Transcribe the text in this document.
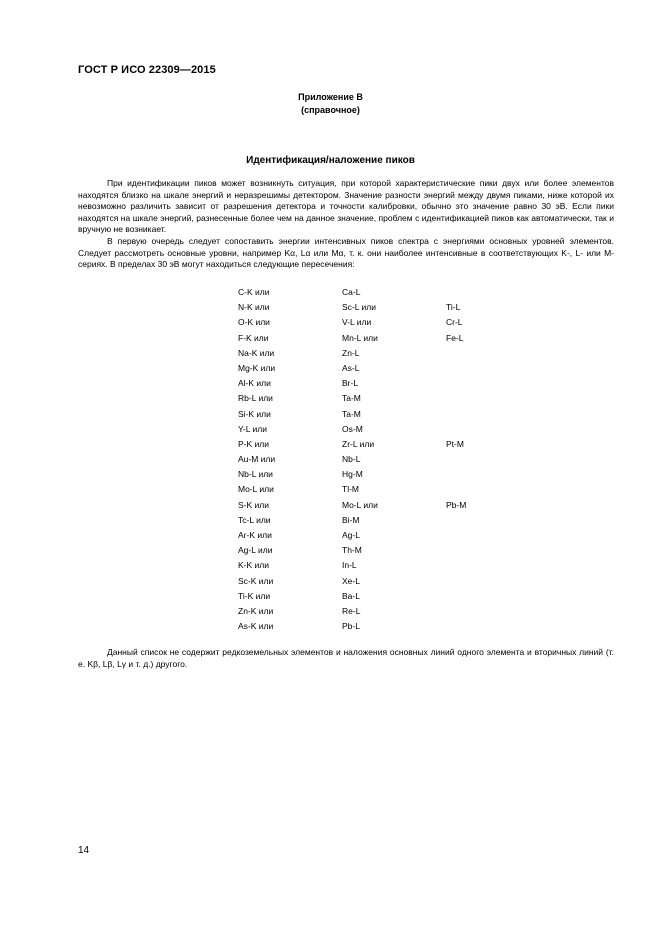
ГОСТ Р ИСО 22309—2015
Приложение В
(справочное)
Идентификация/наложение пиков

При идентификации пиков может возникнуть ситуация, при которой характеристические пики двух или более элементов находятся близко на шкале энергий и неразрешимы детектором. Значение разности энергий между двумя пиками, ниже которой их невозможно различить зависит от разрешения детектора и точности калибровки, обычно это значение равно 30 эВ. Если пики находятся на шкале энергий, разнесенные более чем на данное значение, проблем с идентификацией пиков как автоматически, так и вручную не возникает.

В первую очередь следует сопоставить энергии интенсивных пиков спектра с энергиями основных уровней элементов. Следует рассмотреть основные уровни, например Kα, Lα или Mα, т. к. они наиболее интенсивные в соответствующих K-, L- или M-сериях. В пределах 30 эВ могут находиться следующие пересечения:

C-K или	Ca-L
N-K или	Sc-L или	Ti-L
O-K или	V-L или	Cr-L
F-K или	Mn-L или	Fe-L
Na-K или	Zn-L
Mg-K или	As-L
Al-K или	Br-L
Rb-L или	Ta-M
Si-K или	Ta-M
Y-L или	Os-M
P-K или	Zr-L или	Pt-M
Au-M или	Nb-L
Nb-L или	Hg-M
Mo-L или	Tl-M
S-K или	Mo-L или	Pb-M
Tc-L или	Bi-M
Ar-K или	Ag-L
Ag-L или	Th-M
K-K или	In-L
Sc-K или	Xe-L
Ti-K или	Ba-L
Zn-K или	Re-L
As-K или	Pb-L

Данный список не содержит редкоземельных элементов и наложения основных линий одного элемента и вторичных линий (т. е. Kβ, Lβ, Lγ и т. д.) другого.

14
